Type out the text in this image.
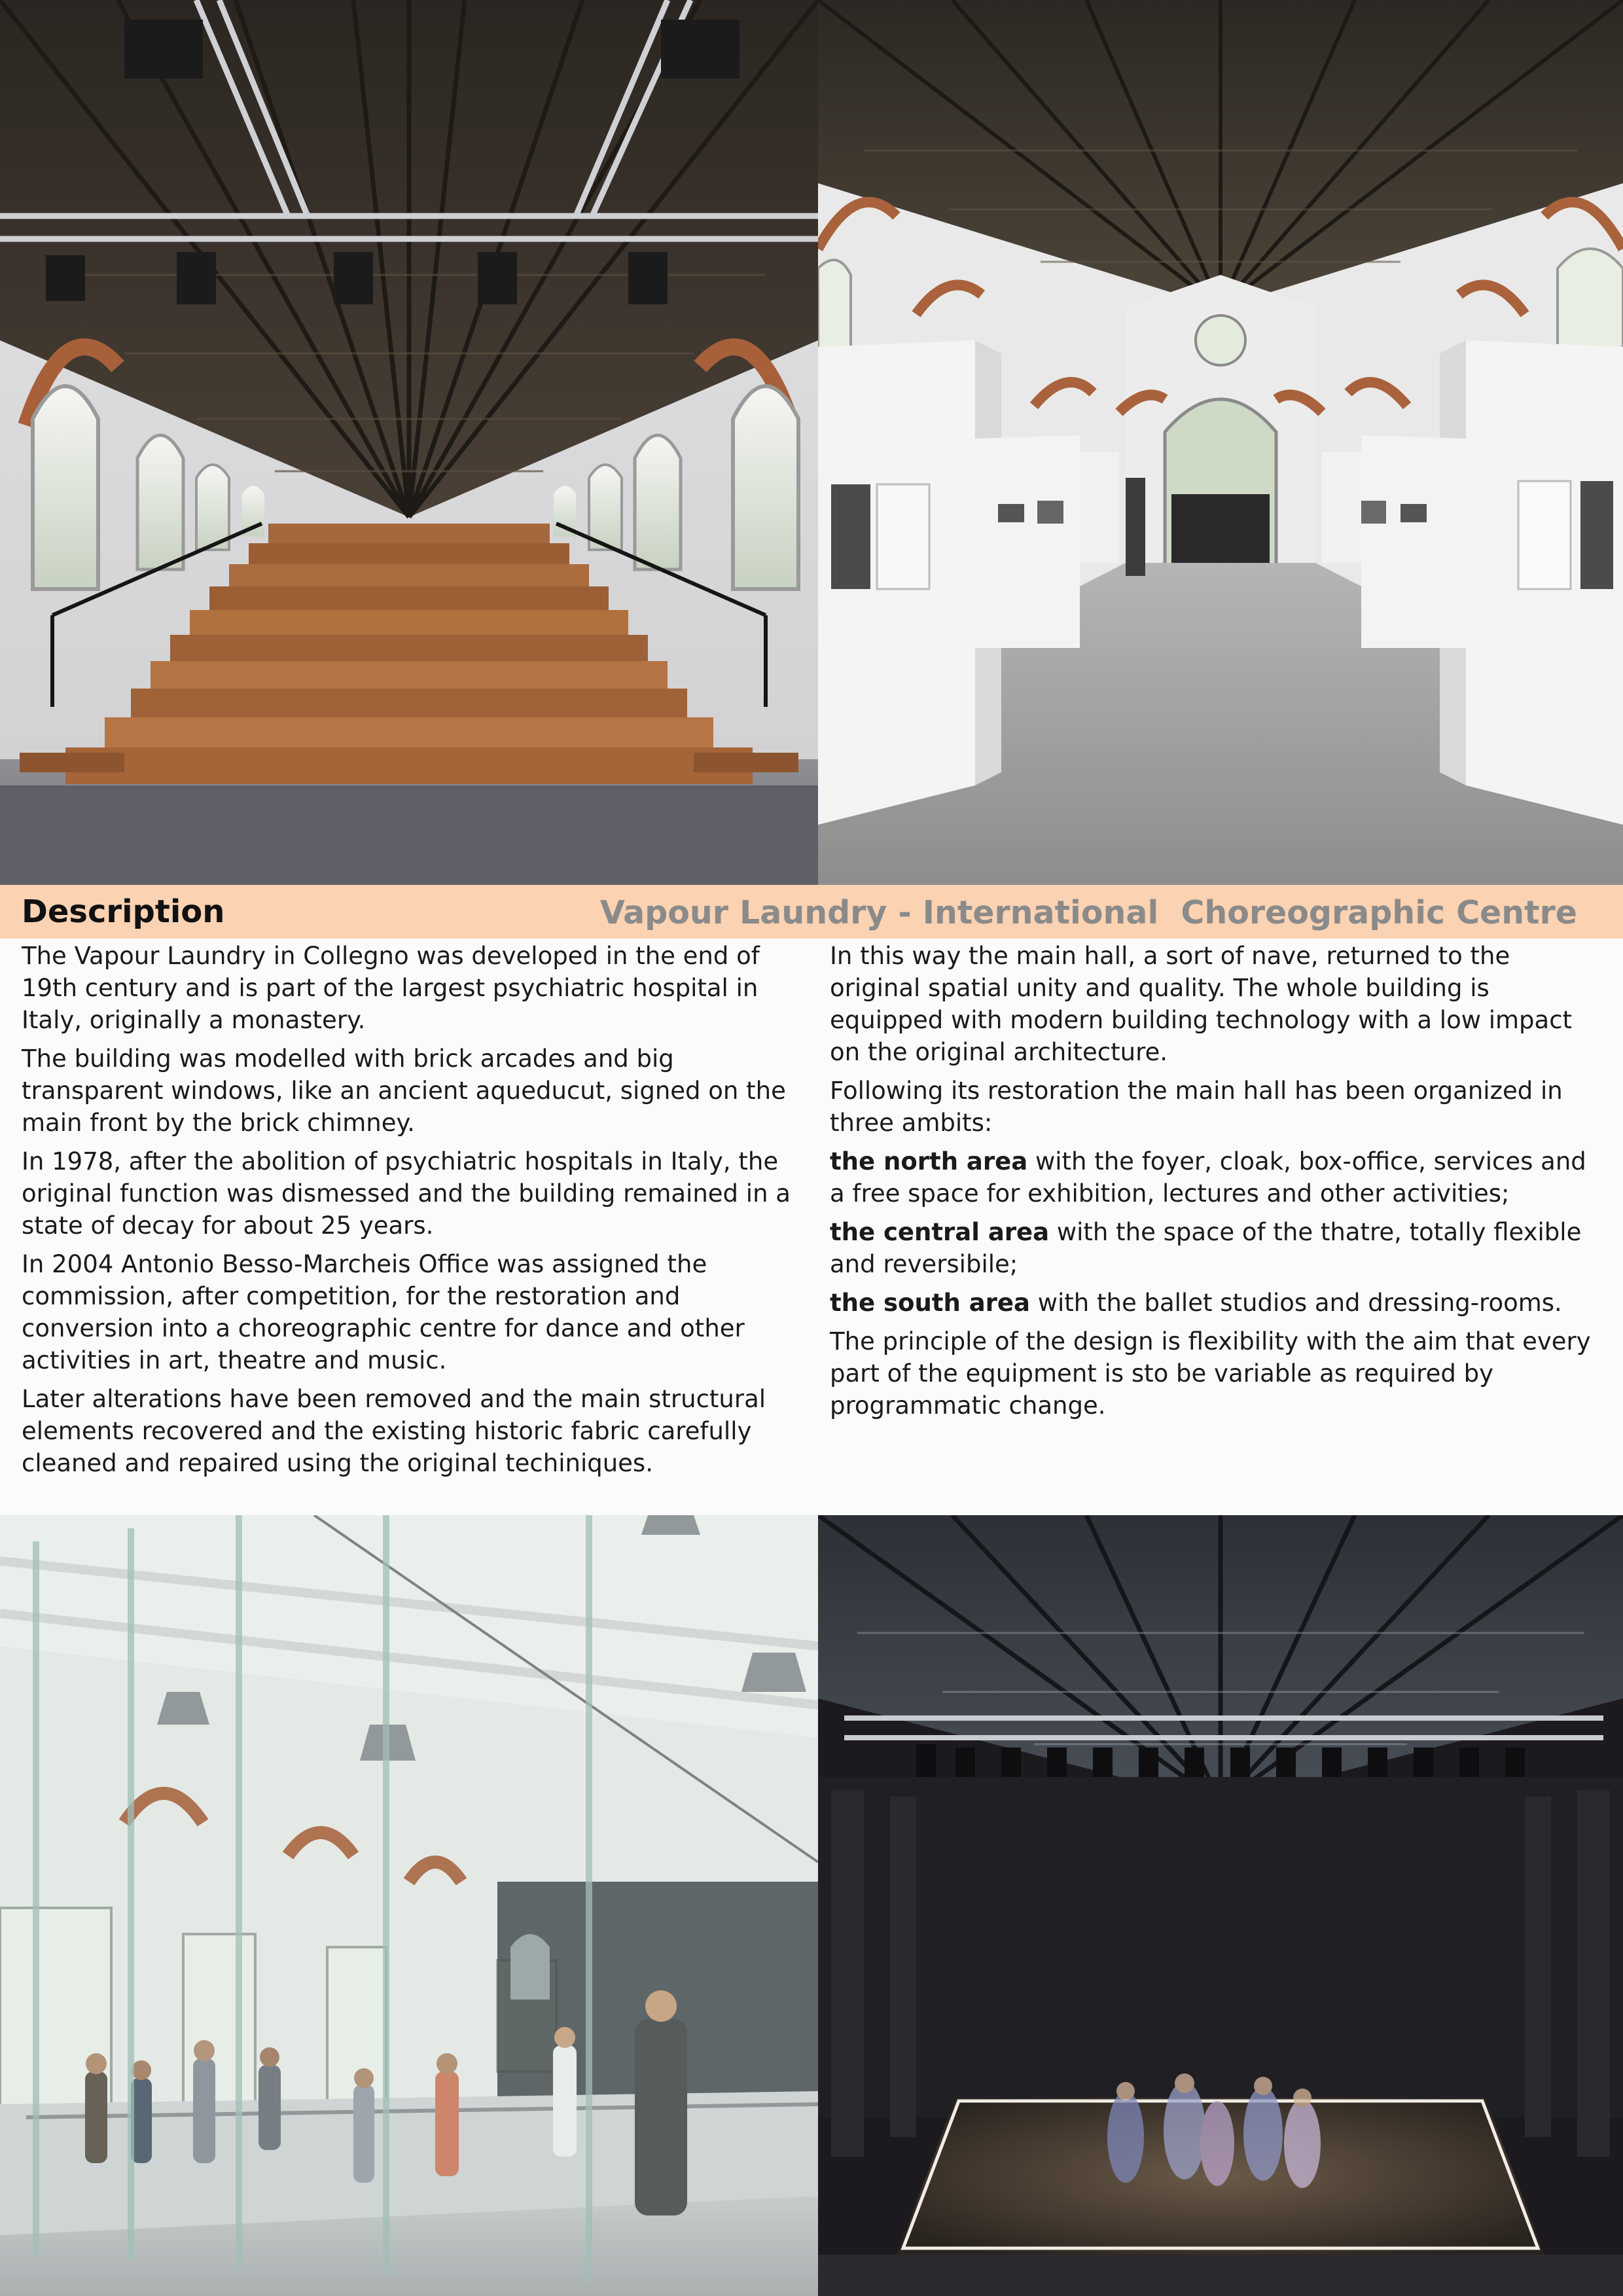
Description	Vapour Laundry - International  Choreographic Centre

The Vapour Laundry in Collegno was developed in the end of 19th century and is part of the largest psychiatric hospital in Italy, originally a monastery.

The building was modelled with brick arcades and big transparent windows, like an ancient aqueducut, signed on the main front by the brick chimney.

In 1978, after the abolition of psychiatric hospitals in Italy, the original function was dismessed and the building remained in a state of decay for about 25 years.

In 2004 Antonio Besso-Marcheis Office was assigned the commission, after competition, for the restoration and conversion into a choreographic centre for dance and other activities in art, theatre and music.

Later alterations have been removed and the main structural elements recovered and the existing historic fabric carefully cleaned and repaired using the original techiniques.

In this way the main hall, a sort of nave, returned to the original spatial unity and quality. The whole building is equipped with modern building technology with a low impact on the original architecture.

Following its restoration the main hall has been organized in three ambits:

the north area with the foyer, cloak, box-office, services and a free space for exhibition, lectures and other activities;

the central area with the space of the thatre, totally flexible and reversibile;

the south area with the ballet studios and dressing-rooms.

The principle of the design is flexibility with the aim that every part of the equipment is sto be variable as required by programmatic change.
